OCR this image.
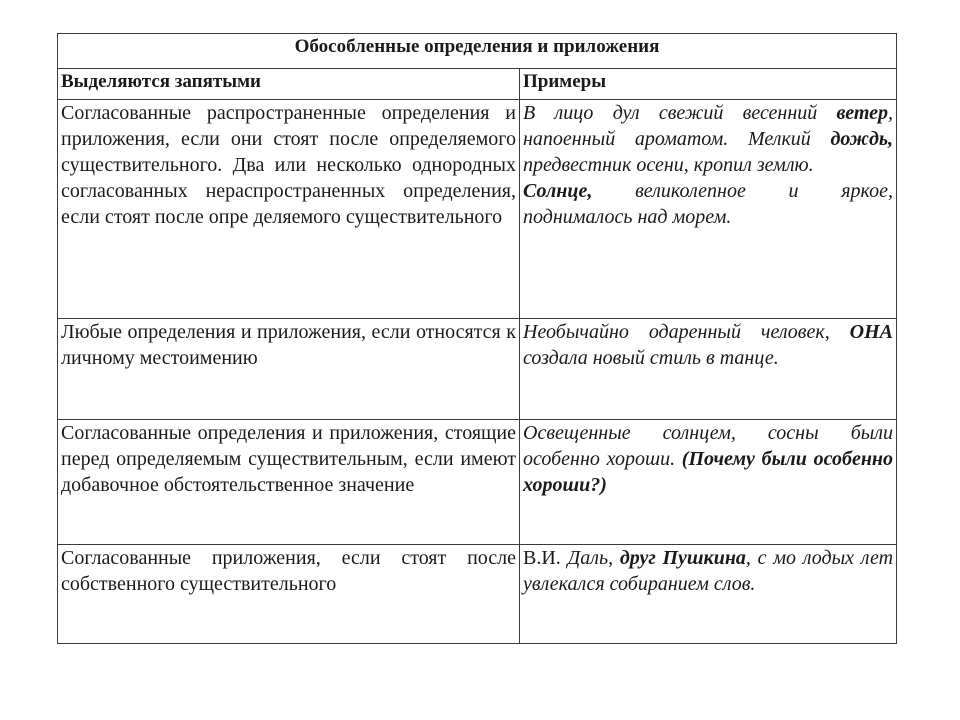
Обособленные определения и приложения	
Выделяются запятыми	Примеры
Согласованные распространенные определения и приложения, если они стоят после определяемого существительного. Два или несколько однородных согласованных нераспространенных определения, если стоят после опре деляемого существительного	В лицо дул свежий весенний ветер, напоенный ароматом. Мелкий дождь, предвестник осени, кропил землю.
Солнце, великолепное и яркое, поднималось над морем.
Любые определения и приложения, если относятся к личному местоимению	Необычайно одаренный человек, ОНА создала новый стиль в танце.
Согласованные определения и приложения, стоящие перед определяемым существительным, если имеют добавочное обстоятельственное значение	Освещенные солнцем, сосны были особенно хороши. (Почему были особенно хороши?)
Согласованные приложения, если стоят после собственного существительного	В.И. Даль, друг Пушкина, с мо лодых лет увлекался собиранием слов.
